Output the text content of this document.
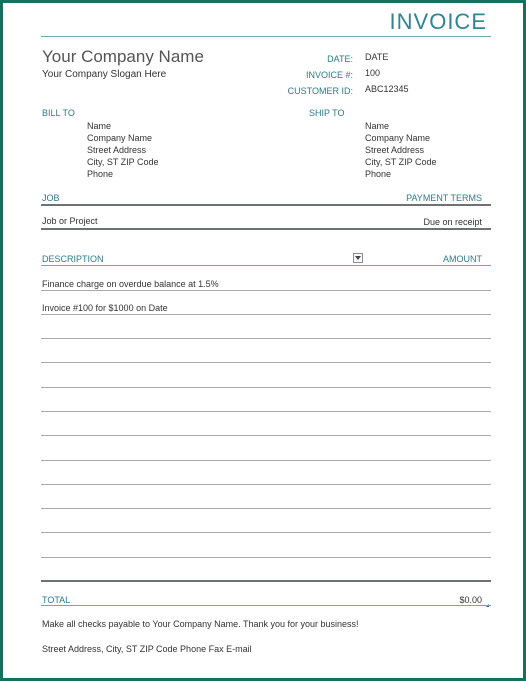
INVOICE
Your Company Name
Your Company Slogan Here
DATE: DATE
INVOICE #: 100
CUSTOMER ID: ABC12345
BILL TO
Name
Company Name
Street Address
City, ST ZIP Code
Phone
SHIP TO
Name
Company Name
Street Address
City, ST ZIP Code
Phone
JOB	PAYMENT TERMS
Job or Project	Due on receipt
DESCRIPTION	AMOUNT
Finance charge on overdue balance at 1.5%
Invoice #100 for $1000 on Date
TOTAL	$0.00
Make all checks payable to Your Company Name. Thank you for your business!
Street Address, City, ST ZIP Code Phone Fax E-mail
